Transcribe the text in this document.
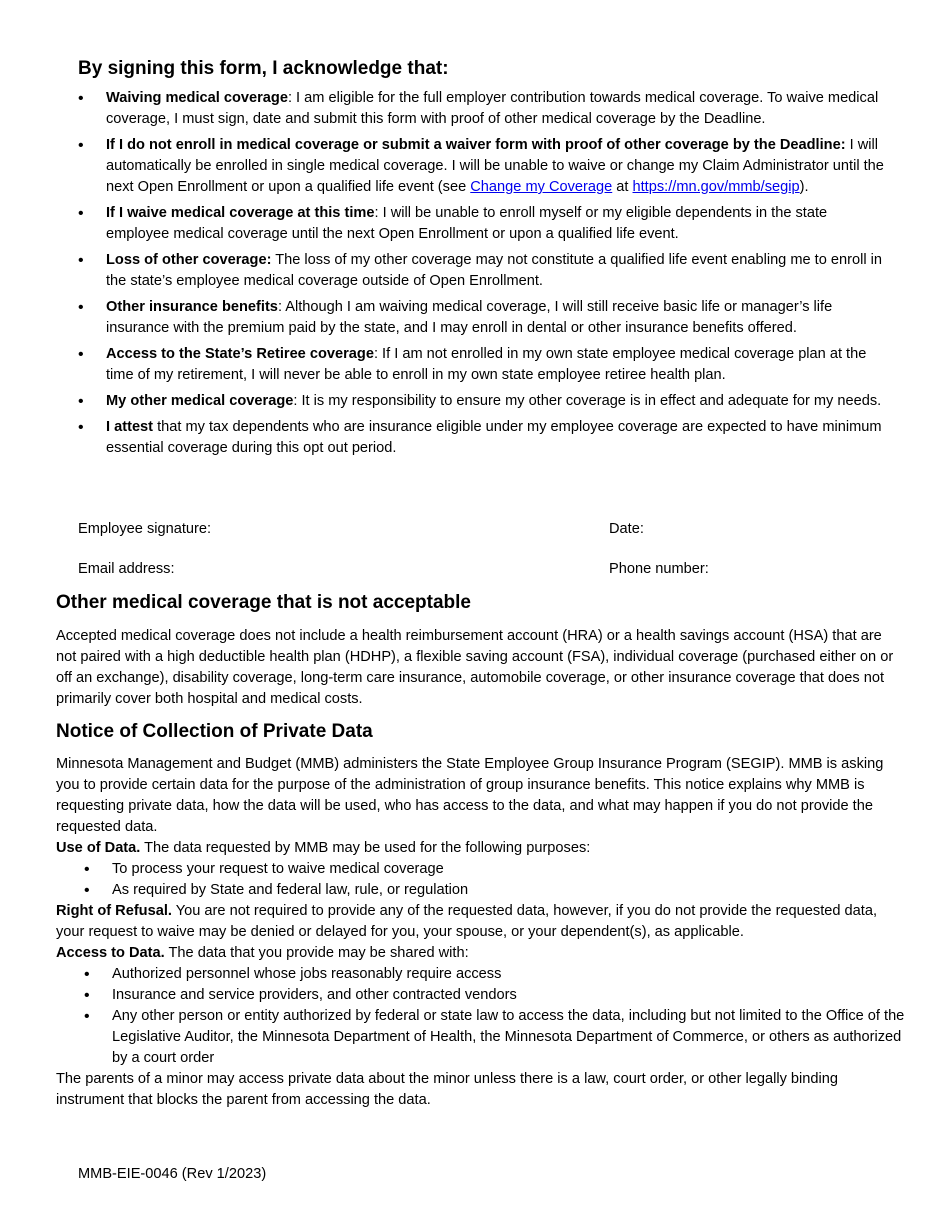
By signing this form, I acknowledge that:
• Waiving medical coverage: I am eligible for the full employer contribution towards medical coverage. To waive medical coverage, I must sign, date and submit this form with proof of other medical coverage by the Deadline.
• If I do not enroll in medical coverage or submit a waiver form with proof of other coverage by the Deadline: I will automatically be enrolled in single medical coverage. I will be unable to waive or change my Claim Administrator until the next Open Enrollment or upon a qualified life event (see Change my Coverage at https://mn.gov/mmb/segip).
• If I waive medical coverage at this time: I will be unable to enroll myself or my eligible dependents in the state employee medical coverage until the next Open Enrollment or upon a qualified life event.
• Loss of other coverage: The loss of my other coverage may not constitute a qualified life event enabling me to enroll in the state’s employee medical coverage outside of Open Enrollment.
• Other insurance benefits: Although I am waiving medical coverage, I will still receive basic life or manager’s life insurance with the premium paid by the state, and I may enroll in dental or other insurance benefits offered.
• Access to the State’s Retiree coverage: If I am not enrolled in my own state employee medical coverage plan at the time of my retirement, I will never be able to enroll in my own state employee retiree health plan.
• My other medical coverage: It is my responsibility to ensure my other coverage is in effect and adequate for my needs.
• I attest that my tax dependents who are insurance eligible under my employee coverage are expected to have minimum essential coverage during this opt out period.
Employee signature:	Date:
Email address:	Phone number:
Other medical coverage that is not acceptable

Accepted medical coverage does not include a health reimbursement account (HRA) or a health savings account (HSA) that are not paired with a high deductible health plan (HDHP), a flexible saving account (FSA), individual coverage (purchased either on or off an exchange), disability coverage, long-term care insurance, automobile coverage, or other insurance coverage that does not primarily cover both hospital and medical costs.

Notice of Collection of Private Data
Minnesota Management and Budget (MMB) administers the State Employee Group Insurance Program (SEGIP). MMB is asking you to provide certain data for the purpose of the administration of group insurance benefits. This notice explains why MMB is requesting private data, how the data will be used, who has access to the data, and what may happen if you do not provide the requested data.
Use of Data. The data requested by MMB may be used for the following purposes:
• To process your request to waive medical coverage
• As required by State and federal law, rule, or regulation
Right of Refusal. You are not required to provide any of the requested data, however, if you do not provide the requested data, your request to waive may be denied or delayed for you, your spouse, or your dependent(s), as applicable.
Access to Data. The data that you provide may be shared with:
• Authorized personnel whose jobs reasonably require access
• Insurance and service providers, and other contracted vendors
• Any other person or entity authorized by federal or state law to access the data, including but not limited to the Office of the Legislative Auditor, the Minnesota Department of Health, the Minnesota Department of Commerce, or others as authorized by a court order
The parents of a minor may access private data about the minor unless there is a law, court order, or other legally binding instrument that blocks the parent from accessing the data.
MMB-EIE-0046 (Rev 1/2023)
